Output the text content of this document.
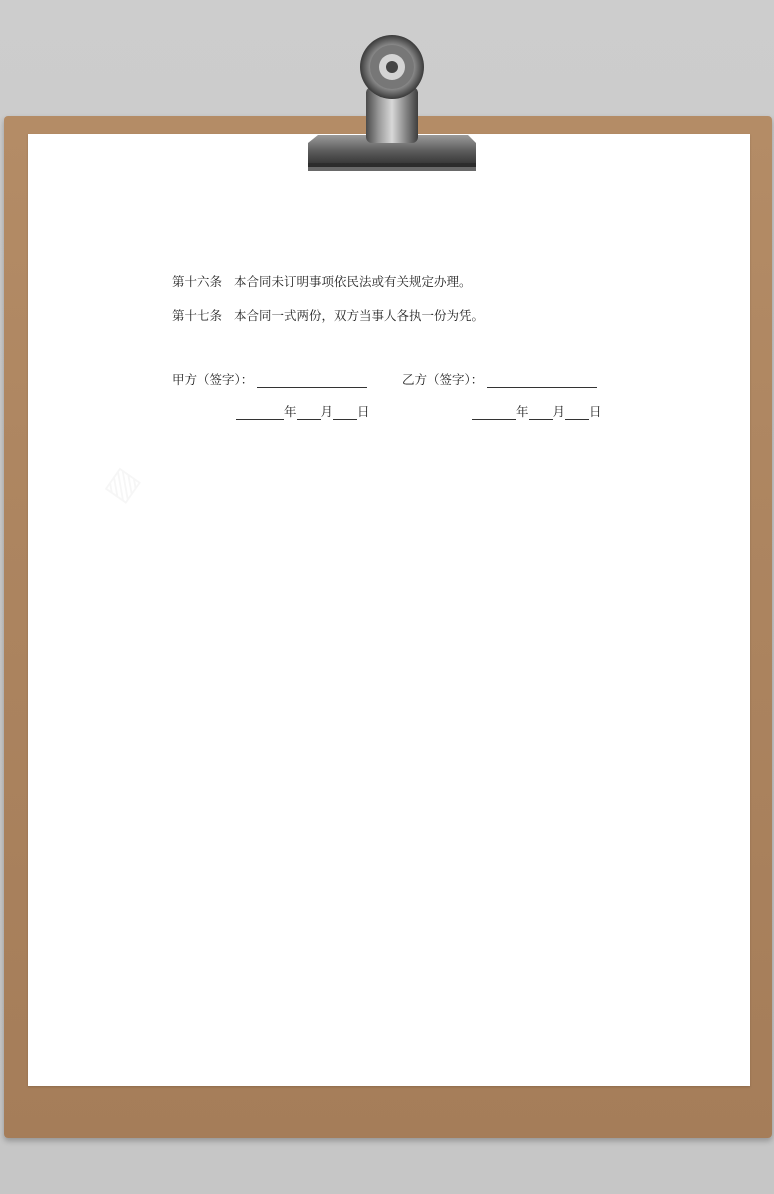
第十六条 本合同未订明事项依民法或有关规定办理。
第十七条 本合同一式两份，双方当事人各执一份为凭。
甲方（签字）：	乙方（签字）：
年 月 日	年 月 日
